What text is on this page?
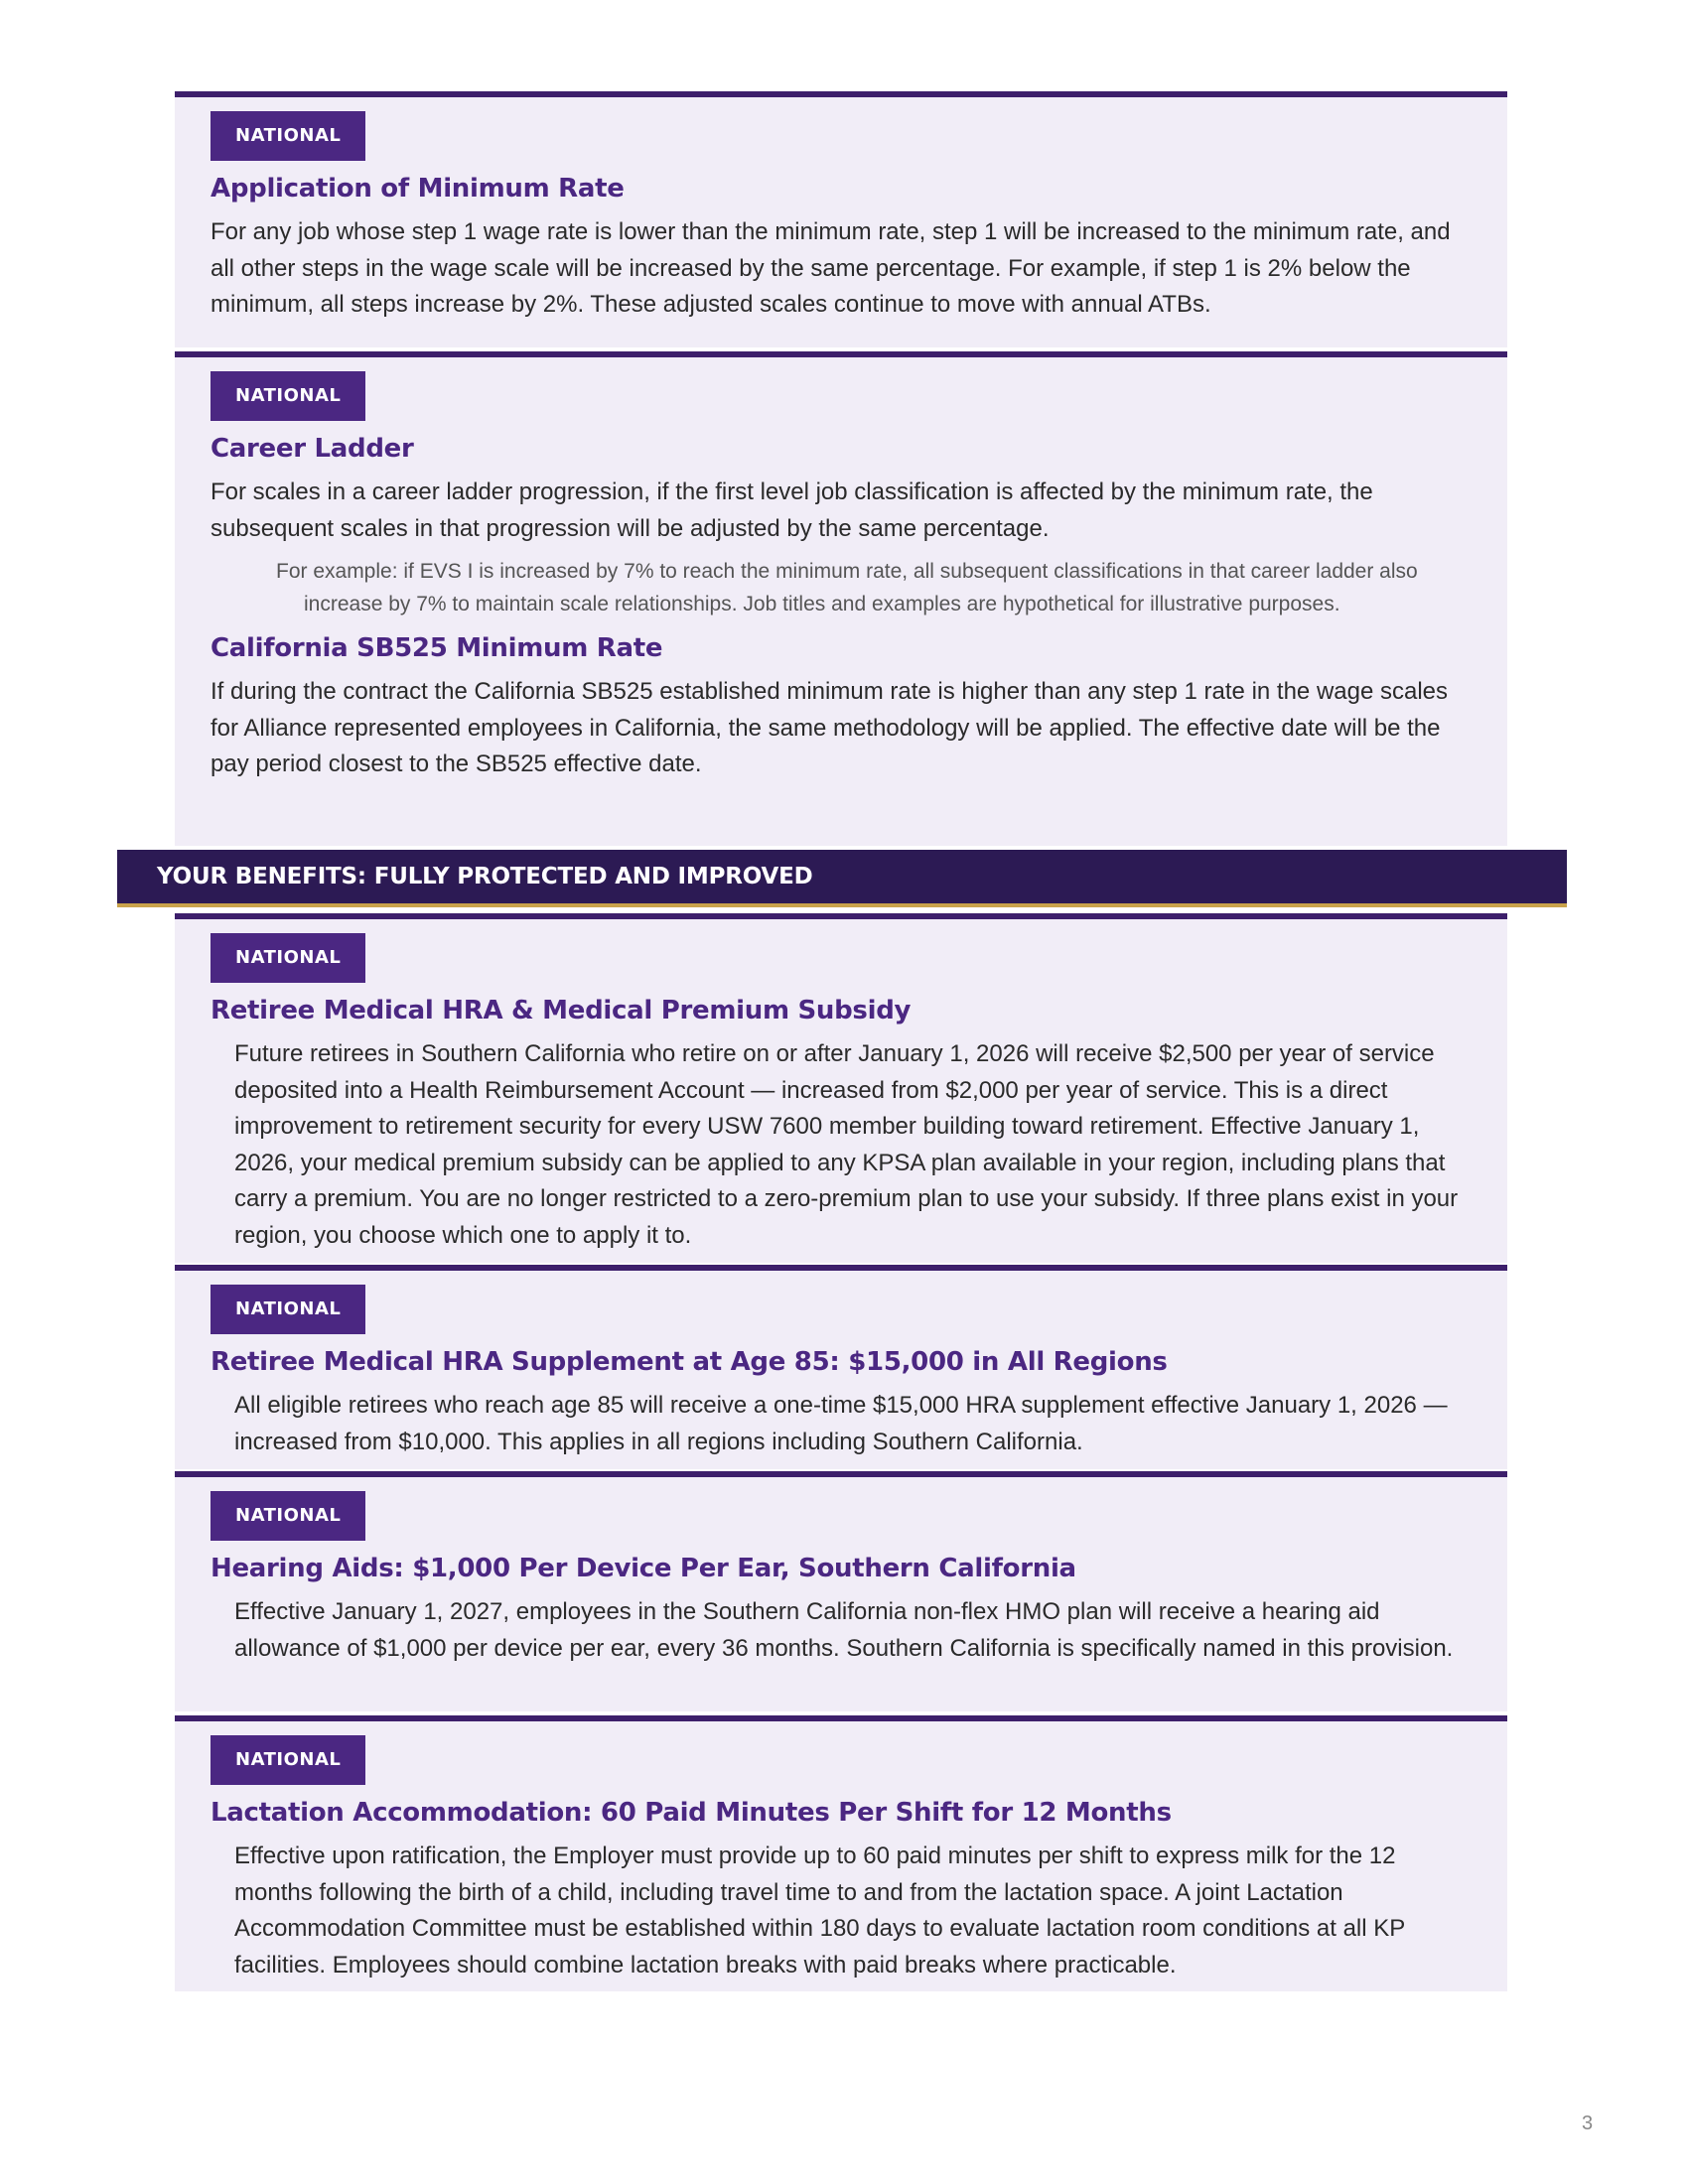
NATIONAL
Application of Minimum Rate

For any job whose step 1 wage rate is lower than the minimum rate, step 1 will be increased to the minimum rate, and all other steps in the wage scale will be increased by the same percentage. For example, if step 1 is 2% below the minimum, all steps increase by 2%. These adjusted scales continue to move with annual ATBs.

NATIONAL
Career Ladder

For scales in a career ladder progression, if the first level job classification is affected by the minimum rate, the subsequent scales in that progression will be adjusted by the same percentage.

For example: if EVS I is increased by 7% to reach the minimum rate, all subsequent classifications in that career ladder also increase by 7% to maintain scale relationships. Job titles and examples are hypothetical for illustrative purposes.

California SB525 Minimum Rate

If during the contract the California SB525 established minimum rate is higher than any step 1 rate in the wage scales for Alliance represented employees in California, the same methodology will be applied. The effective date will be the pay period closest to the SB525 effective date.

YOUR BENEFITS: FULLY PROTECTED AND IMPROVED
NATIONAL
Retiree Medical HRA & Medical Premium Subsidy

Future retirees in Southern California who retire on or after January 1, 2026 will receive $2,500 per year of service deposited into a Health Reimbursement Account — increased from $2,000 per year of service. This is a direct improvement to retirement security for every USW 7600 member building toward retirement. Effective January 1, 2026, your medical premium subsidy can be applied to any KPSA plan available in your region, including plans that carry a premium. You are no longer restricted to a zero-premium plan to use your subsidy. If three plans exist in your region, you choose which one to apply it to.

NATIONAL
Retiree Medical HRA Supplement at Age 85: $15,000 in All Regions

All eligible retirees who reach age 85 will receive a one-time $15,000 HRA supplement effective January 1, 2026 — increased from $10,000. This applies in all regions including Southern California.

NATIONAL
Hearing Aids: $1,000 Per Device Per Ear, Southern California

Effective January 1, 2027, employees in the Southern California non-flex HMO plan will receive a hearing aid allowance of $1,000 per device per ear, every 36 months. Southern California is specifically named in this provision.

NATIONAL
Lactation Accommodation: 60 Paid Minutes Per Shift for 12 Months

Effective upon ratification, the Employer must provide up to 60 paid minutes per shift to express milk for the 12 months following the birth of a child, including travel time to and from the lactation space. A joint Lactation Accommodation Committee must be established within 180 days to evaluate lactation room conditions at all KP facilities. Employees should combine lactation breaks with paid breaks where practicable.

3
